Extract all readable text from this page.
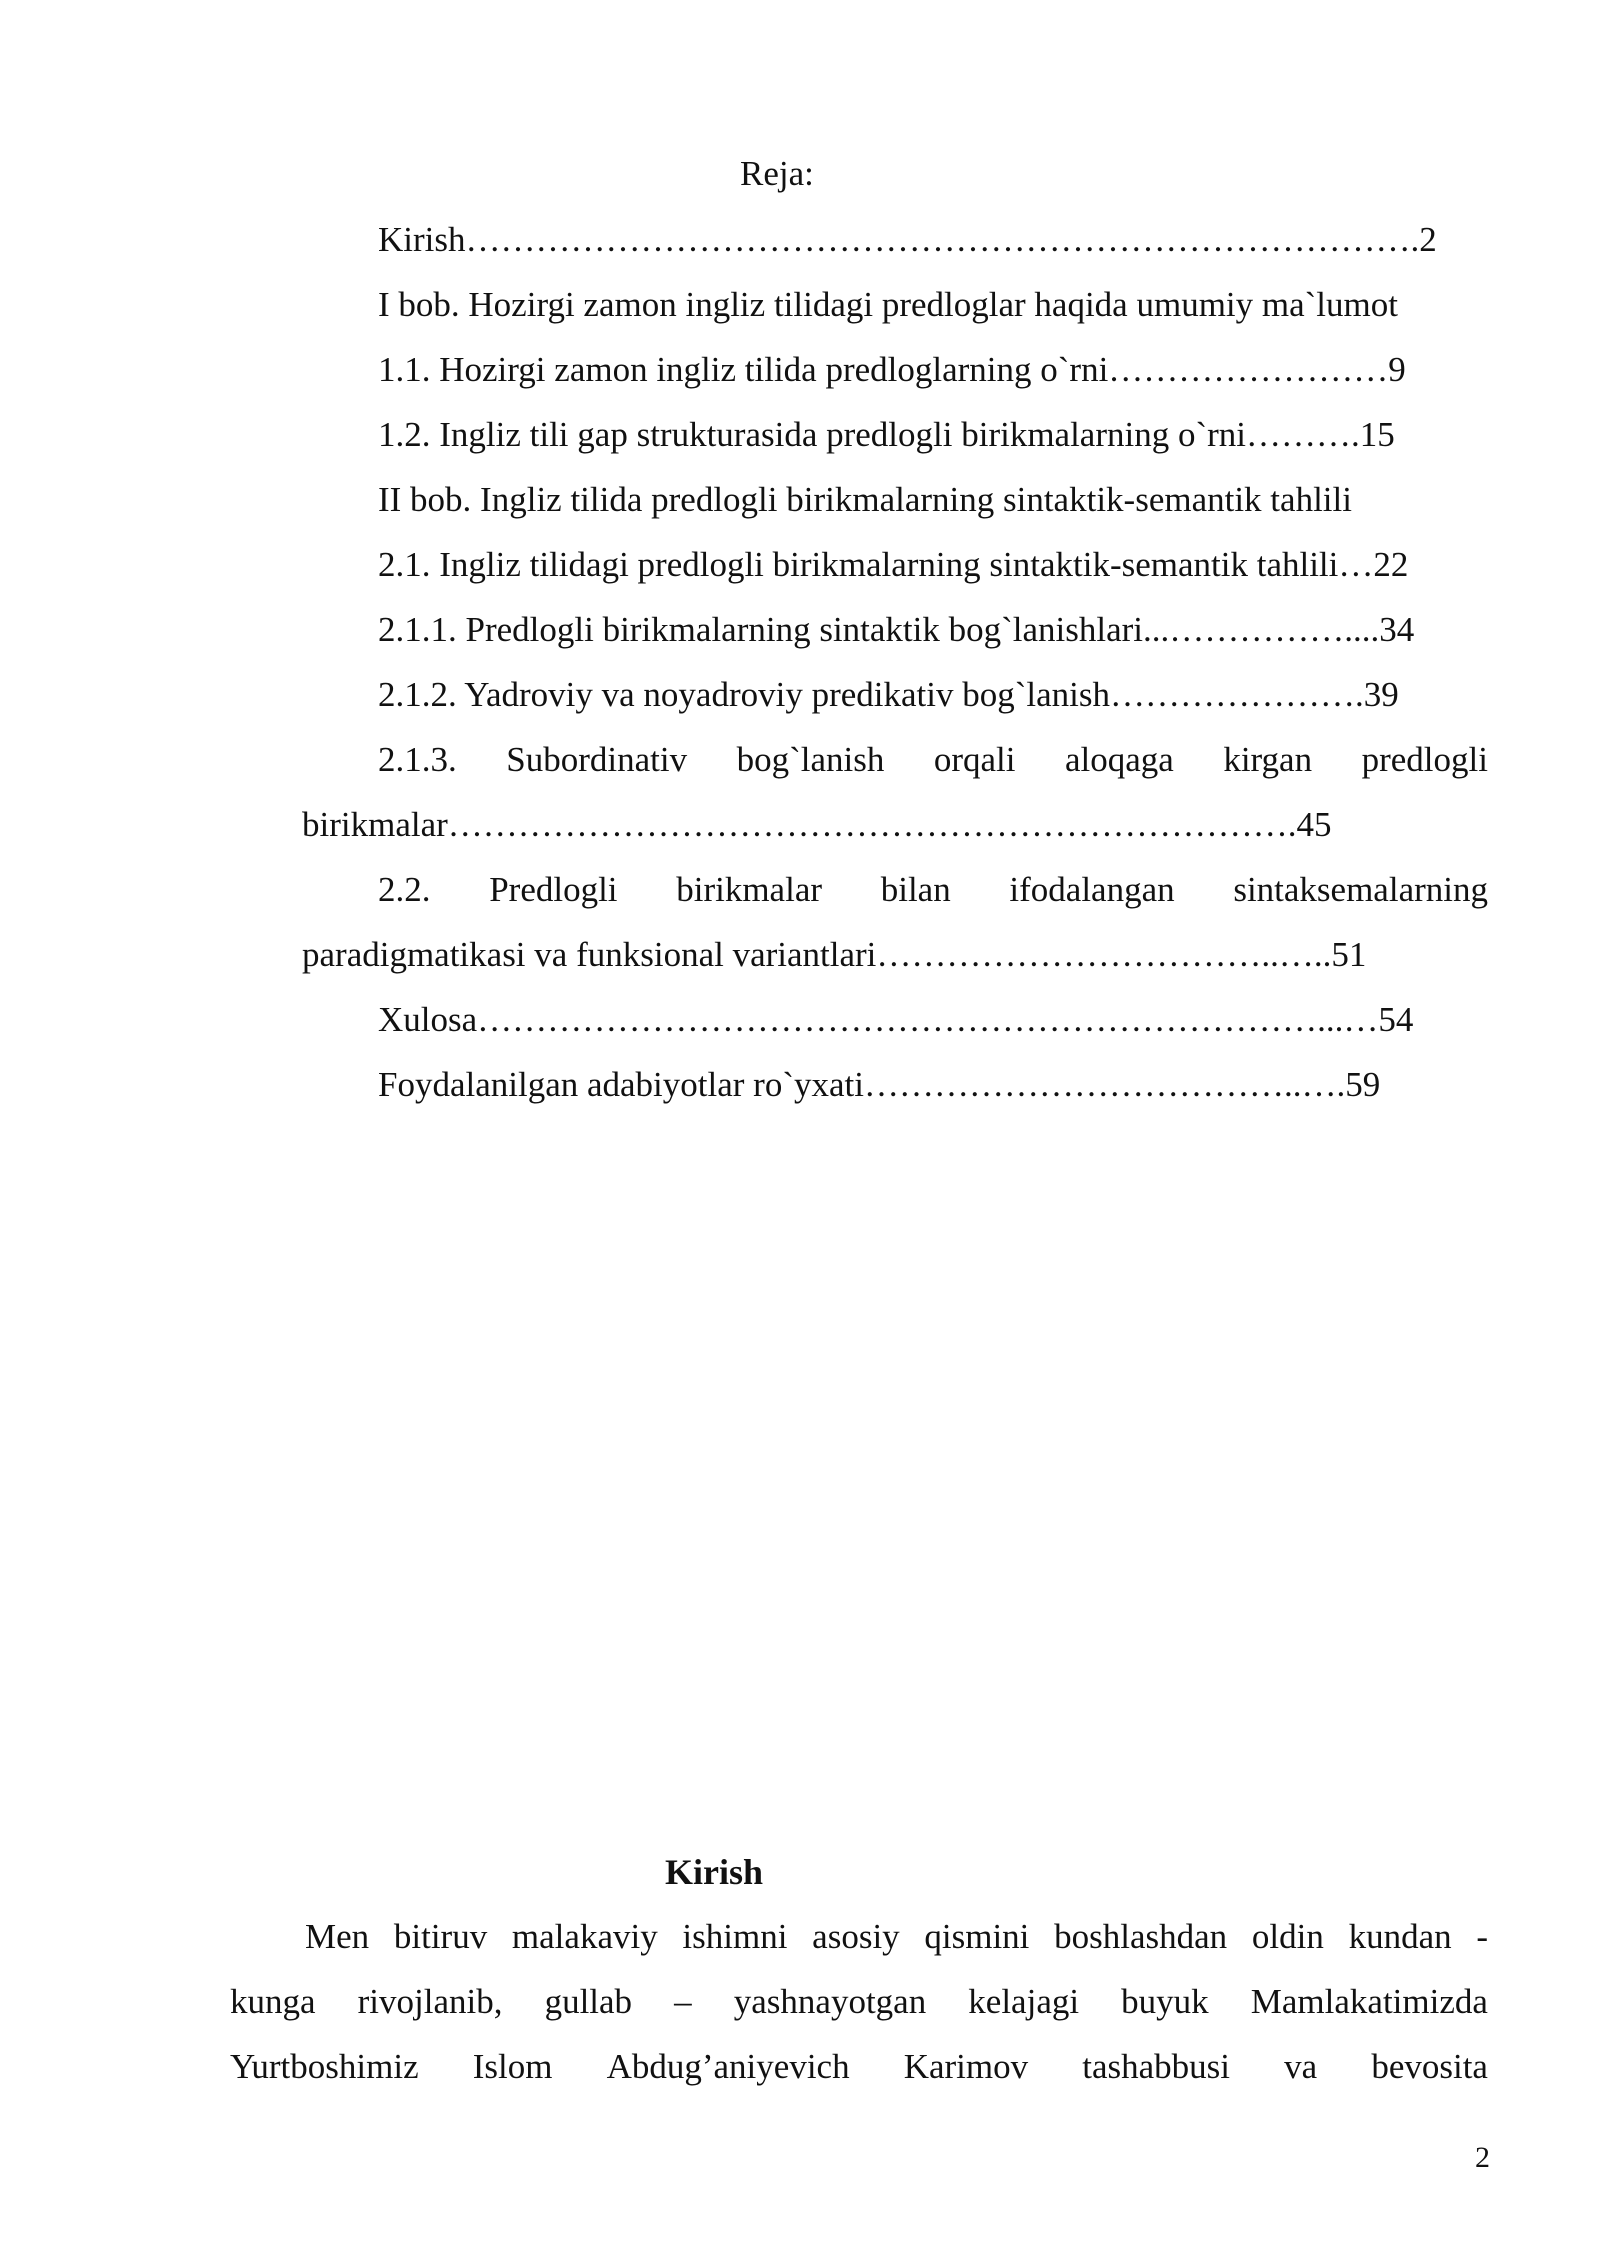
Reja:
Kirish……………………………………………………………………….2
I bob. Hozirgi zamon ingliz tilidagi predloglar haqida umumiy ma`lumot
1.1. Hozirgi zamon ingliz tilida predloglarning o`rni……………………9
1.2. Ingliz tili gap strukturasida predlogli birikmalarning o`rni……….15
II bob. Ingliz tilida predlogli birikmalarning sintaktik-semantik tahlili
2.1. Ingliz tilidagi predlogli birikmalarning sintaktik-semantik tahlili…22
2.1.1. Predlogli birikmalarning sintaktik bog`lanishlari...……………....34
2.1.2. Yadroviy va noyadroviy predikativ bog`lanish………………….39
2.1.3. Subordinativ bog`lanish orqali aloqaga kirgan predlogli
birikmalar……………………………………………………………….45
2.2. Predlogli birikmalar bilan ifodalangan sintaksemalarning
paradigmatikasi va funksional variantlari……………………………..…..51
Xulosa………………………………………………………………...…54
Foydalanilgan adabiyotlar ro`yxati………………………………..….59
Kirish
Men bitiruv malakaviy ishimni asosiy qismini boshlashdan oldin kundan -
kunga rivojlanib, gullab – yashnayotgan kelajagi buyuk Mamlakatimizda
Yurtboshimiz Islom Abdug’aniyevich Karimov tashabbusi va bevosita
2
